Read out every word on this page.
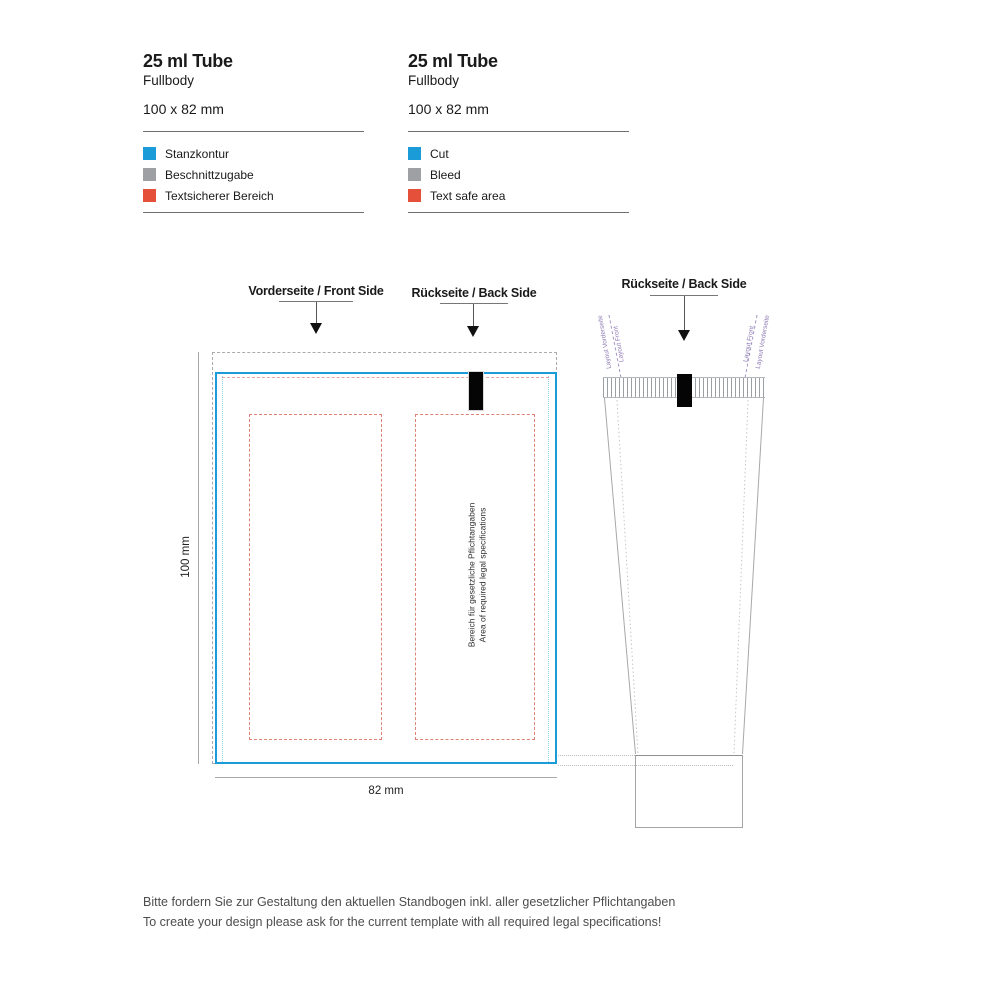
25 ml Tube
Fullbody
100 x 82 mm
Stanzkontur
Beschnittzugabe
Textsicherer Bereich
25 ml Tube
Fullbody
100 x 82 mm
Cut
Bleed
Text safe area
Vorderseite / Front Side Rückseite / Back Side
Rückseite / Back Side
Bereich für gesetzliche Pflichtangaben Area of required legal specifications
100 mm
82 mm
Layout Vorderseite Layout Front	Layout Front Layout Vorderseite
Bitte fordern Sie zur Gestaltung den aktuellen Standbogen inkl. aller gesetzlicher Pflichtangaben
To create your design please ask for the current template with all required legal specifications!
